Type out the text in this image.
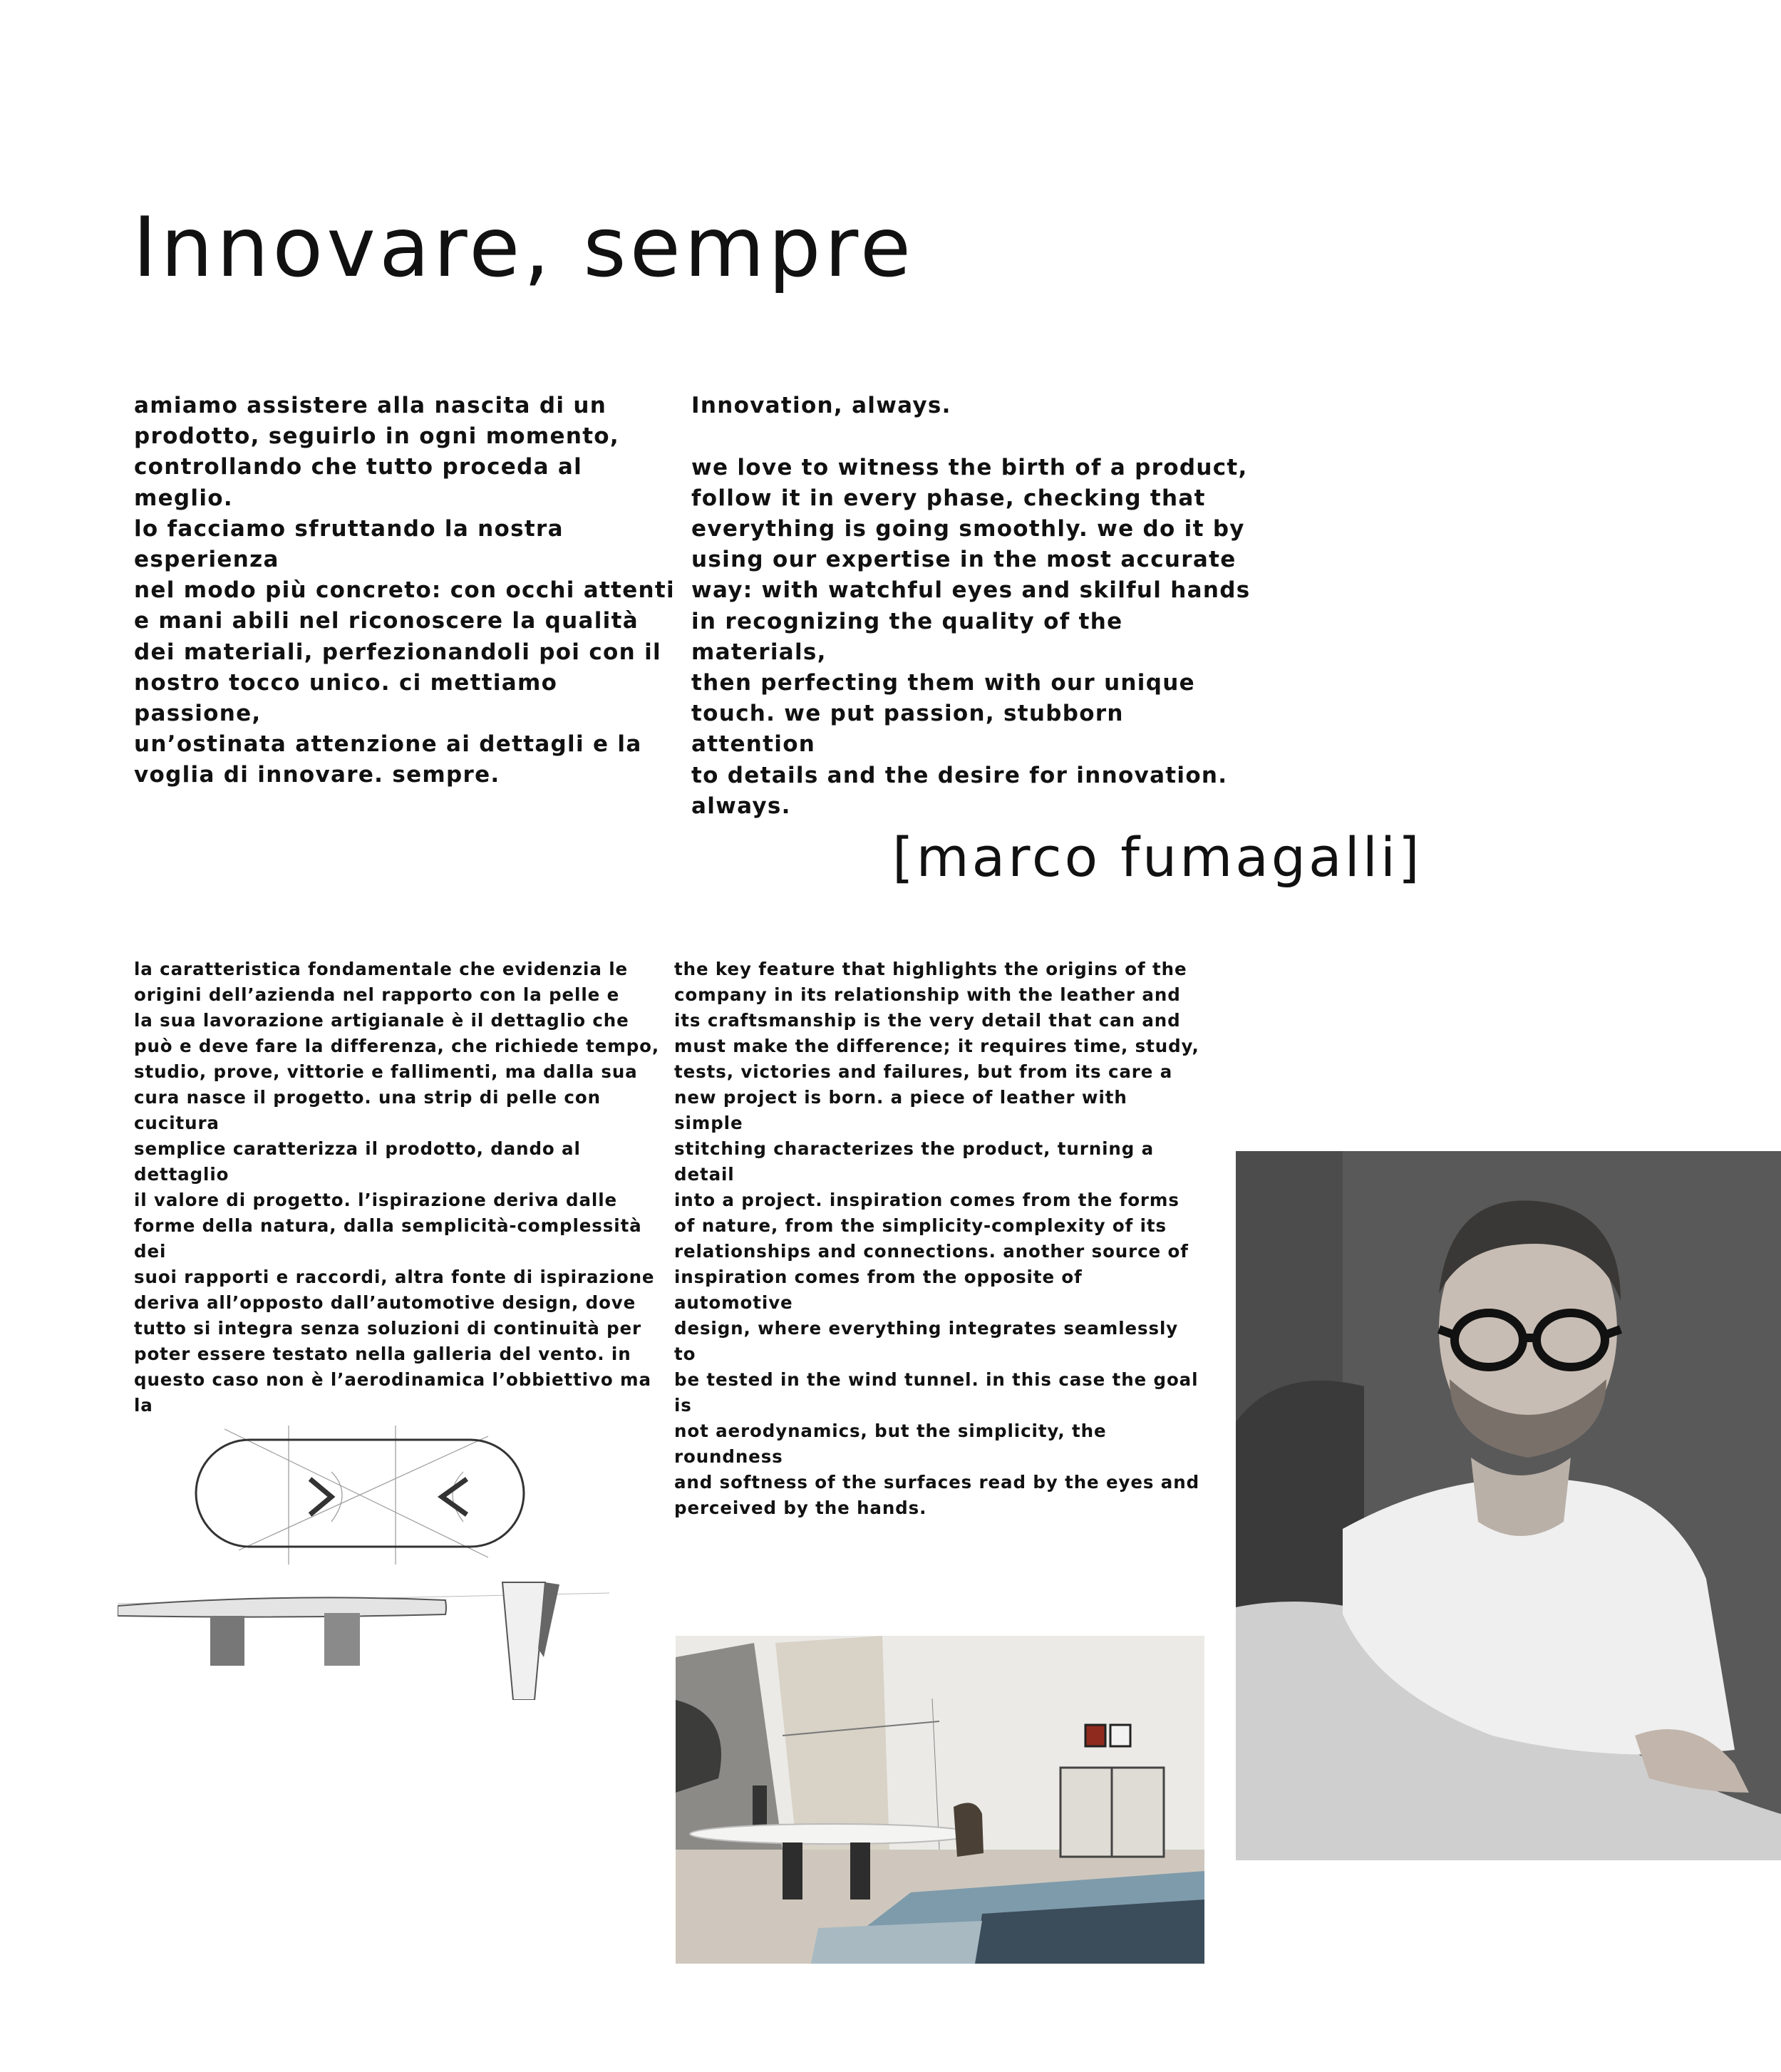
Innovare, sempre

amiamo assistere alla nascita di un
prodotto, seguirlo in ogni momento,
controllando che tutto proceda al meglio.
lo facciamo sfruttando la nostra esperienza
nel modo più concreto: con occhi attenti
e mani abili nel riconoscere la qualità
dei materiali, perfezionandoli poi con il
nostro tocco unico. ci mettiamo passione,
un’ostinata attenzione ai dettagli e la
voglia di innovare. sempre.

Innovation, always.

we love to witness the birth of a product,
follow it in every phase, checking that
everything is going smoothly. we do it by
using our expertise in the most accurate
way: with watchful eyes and skilful hands
in recognizing the quality of the materials,
then perfecting them with our unique
touch. we put passion, stubborn attention
to details and the desire for innovation.
always.

[marco fumagalli]

la caratteristica fondamentale che evidenzia le
origini dell’azienda nel rapporto con la pelle e
la sua lavorazione artigianale è il dettaglio che
può e deve fare la differenza, che richiede tempo,
studio, prove, vittorie e fallimenti, ma dalla sua
cura nasce il progetto. una strip di pelle con cucitura
semplice caratterizza il prodotto, dando al dettaglio
il valore di progetto. l’ispirazione deriva dalle
forme della natura, dalla semplicità-complessità dei
suoi rapporti e raccordi, altra fonte di ispirazione
deriva all’opposto dall’automotive design, dove
tutto si integra senza soluzioni di continuità per
poter essere testato nella galleria del vento. in
questo caso non è l’aerodinamica l’obbiettivo ma la

the key feature that highlights the origins of the
company in its relationship with the leather and
its craftsmanship is the very detail that can and
must make the difference; it requires time, study,
tests, victories and failures, but from its care a
new project is born. a piece of leather with simple
stitching characterizes the product, turning a detail
into a project. inspiration comes from the forms
of nature, from the simplicity-complexity of its
relationships and connections. another source of
inspiration comes from the opposite of automotive
design, where everything integrates seamlessly to
be tested in the wind tunnel. in this case the goal is
not aerodynamics, but the simplicity, the roundness
and softness of the surfaces read by the eyes and
perceived by the hands.
